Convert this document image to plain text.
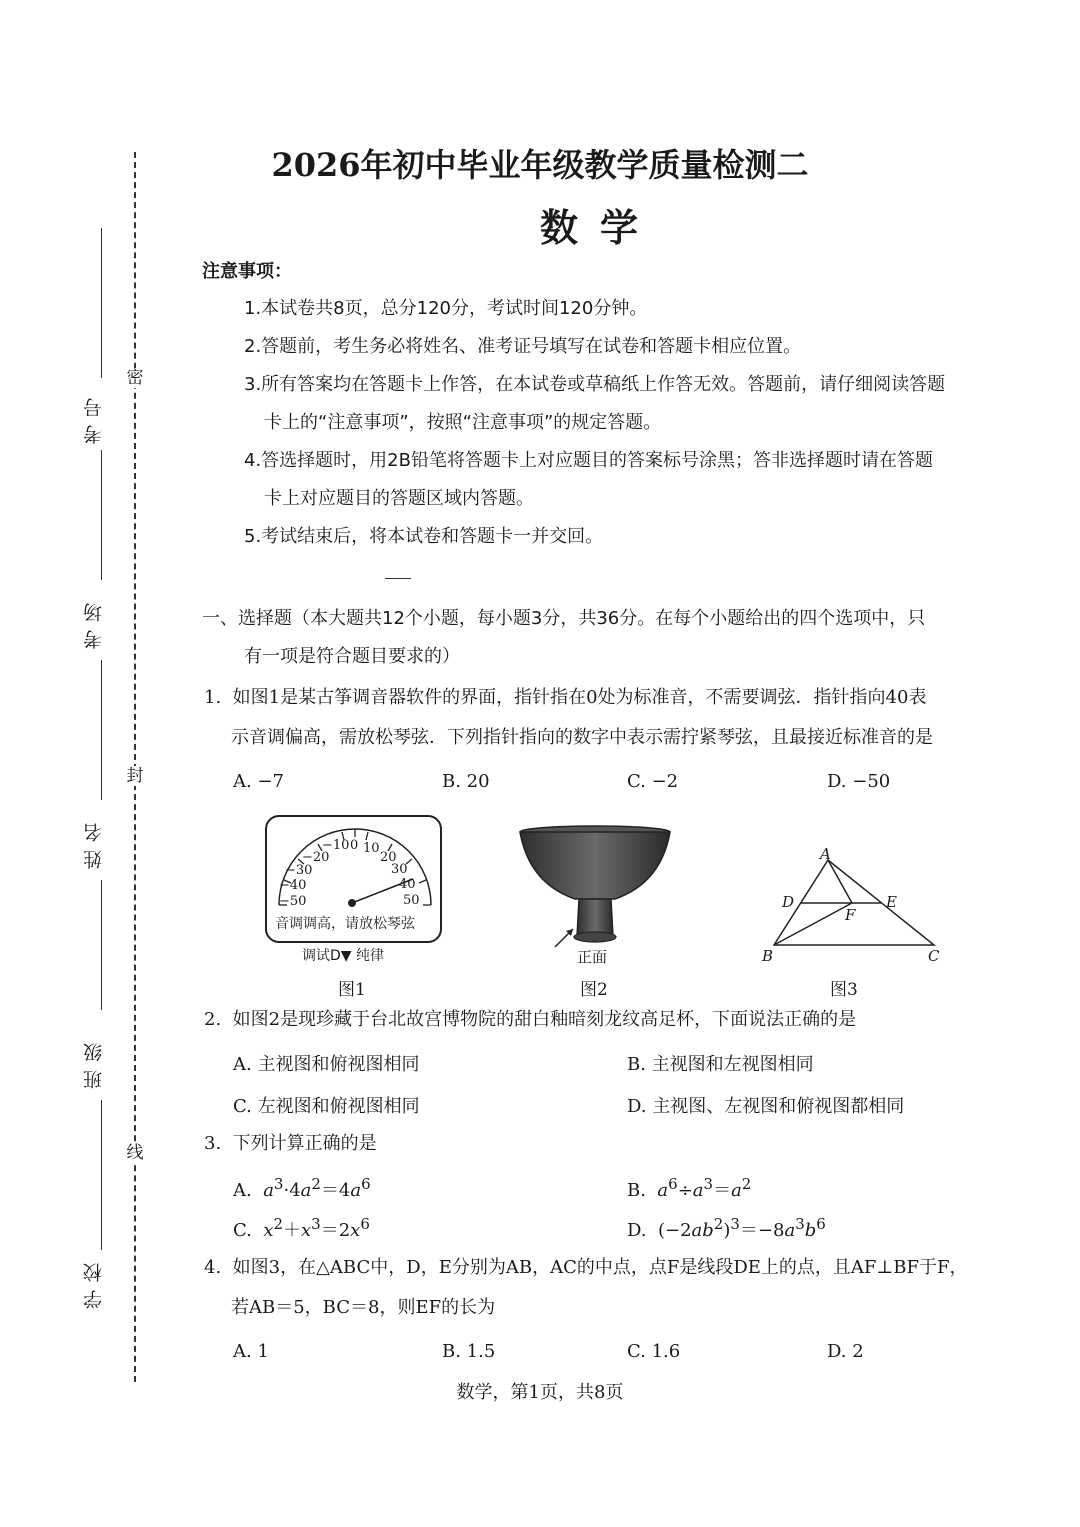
密
封
线
考号
考场
姓名
班级
学校
2026年初中毕业年级教学质量检测二
数学
注意事项：
1.本试卷共8页，总分120分，考试时间120分钟。
2.答题前，考生务必将姓名、准考证号填写在试卷和答题卡相应位置。
3.所有答案均在答题卡上作答，在本试卷或草稿纸上作答无效。答题前，请仔细阅读答题
卡上的“注意事项”，按照“注意事项”的规定答题。
4.答选择题时，用2B铅笔将答题卡上对应题目的答案标号涂黑；答非选择题时请在答题
卡上对应题目的答题区域内答题。
5.考试结束后，将本试卷和答题卡一并交回。
一、选择题（本大题共12个小题，每小题3分，共36分。在每个小题给出的四个选项中，只
有一项是符合题目要求的）
1. 如图1是某古筝调音器软件的界面，指针指在0处为标准音，不需要调弦．指针指向40表
示音调偏高，需放松琴弦．下列指针指向的数字中表示需拧紧琴弦，且最接近标准音的是
A. −7	B. 20	C. −2	D. −50
−50
−40
−30
−20
−10 0 10
20
30
40
50
音调调高，请放松琴弦
调试D▼ 纯律
图1
正面
图2
A
B	C
D	E
F
图3
2. 如图2是现珍藏于台北故宫博物院的甜白釉暗刻龙纹高足杯，下面说法正确的是
A. 主视图和俯视图相同	B. 主视图和左视图相同
C. 左视图和俯视图相同	D. 主视图、左视图和俯视图都相同
3. 下列计算正确的是
A. $a^3\cdot 4a^2=4a^6$	B. $a^6\div a^3=a^2$
C. $x^2+x^3=2x^6$	D.  $(-2ab^2)^3=-8a^3b^6$
4. 如图3，在△ABC中，D，E分别为AB，AC的中点，点F是线段DE上的点，且AF⊥BF于F，
若AB＝5，BC＝8，则EF的长为
A. 1	B. 1.5	C. 1.6	D. 2
数学，第1页，共8页
